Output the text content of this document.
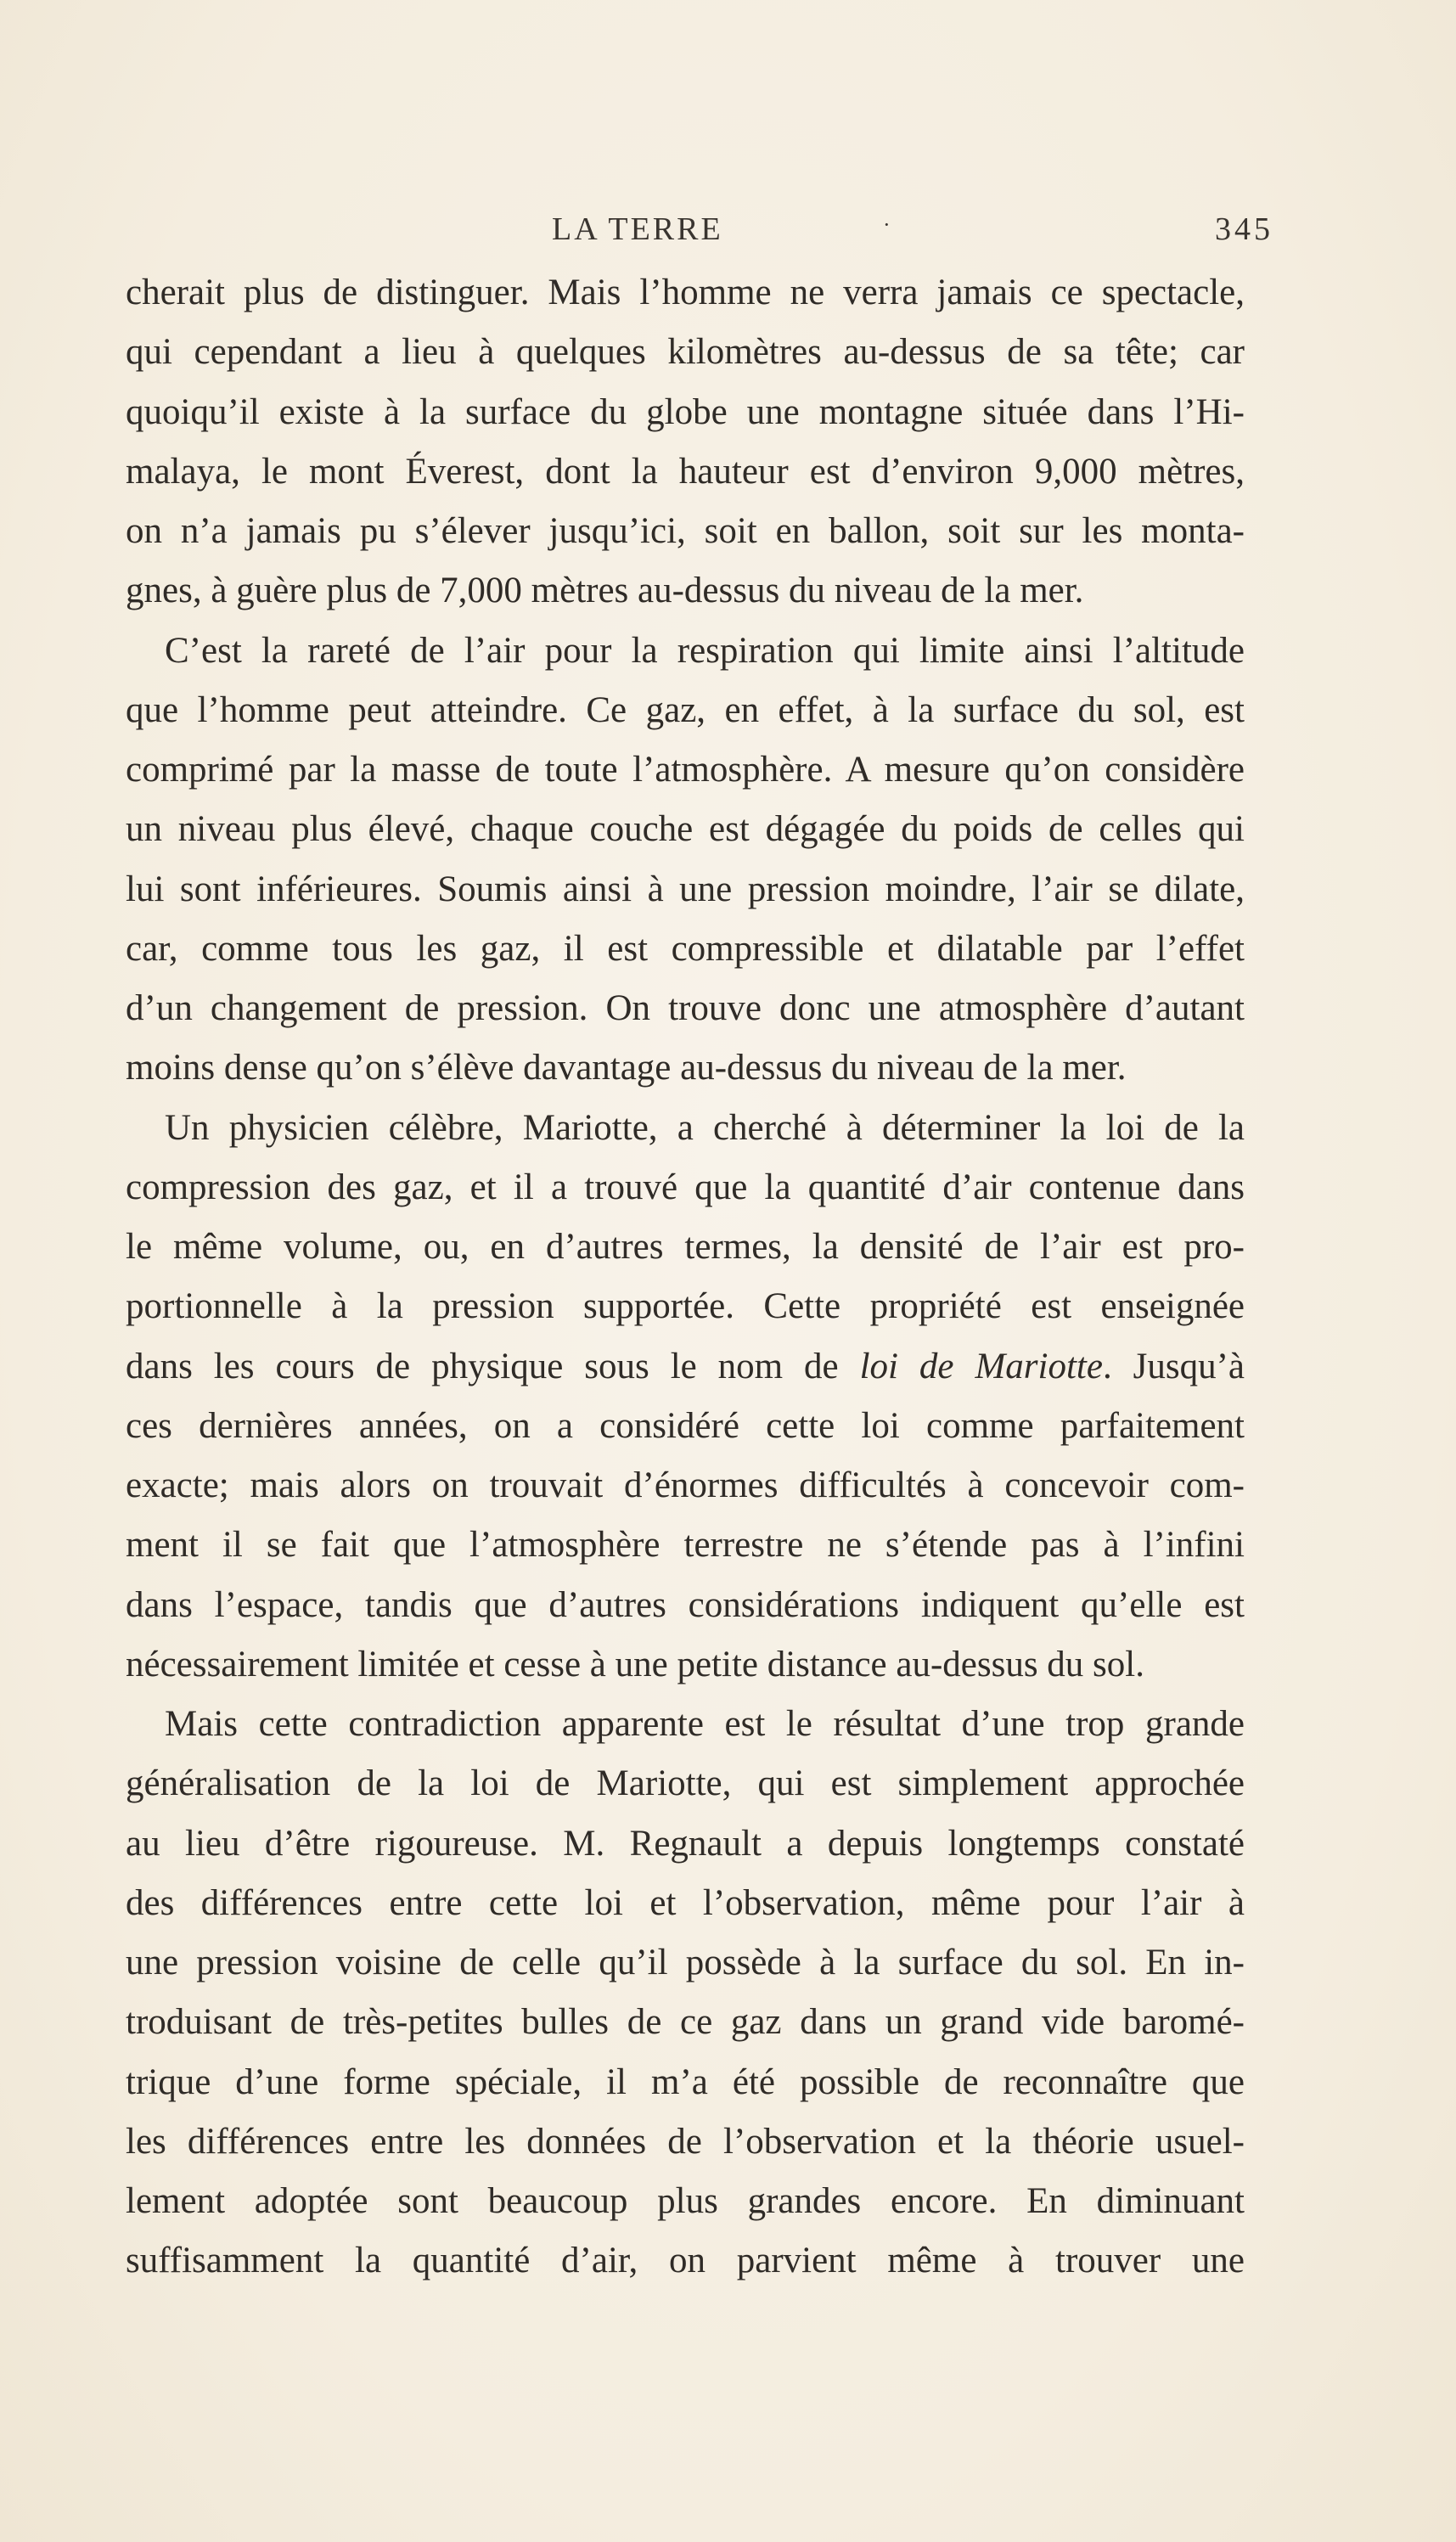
LA TERRE	·	345
cherait plus de distinguer. Mais l’homme ne verra jamais ce spectacle,
qui cependant a lieu à quelques kilomètres au-dessus de sa tête; car
quoiqu’il existe à la surface du globe une montagne située dans l’Hi-
malaya, le mont Éverest, dont la hauteur est d’environ 9,000 mètres,
on n’a jamais pu s’élever jusqu’ici, soit en ballon, soit sur les monta-
gnes, à guère plus de 7,000 mètres au-dessus du niveau de la mer.
C’est la rareté de l’air pour la respiration qui limite ainsi l’altitude
que l’homme peut atteindre. Ce gaz, en effet, à la surface du sol, est
comprimé par la masse de toute l’atmosphère. A mesure qu’on considère
un niveau plus élevé, chaque couche est dégagée du poids de celles qui
lui sont inférieures. Soumis ainsi à une pression moindre, l’air se dilate,
car, comme tous les gaz, il est compressible et dilatable par l’effet
d’un changement de pression. On trouve donc une atmosphère d’autant
moins dense qu’on s’élève davantage au-dessus du niveau de la mer.
Un physicien célèbre, Mariotte, a cherché à déterminer la loi de la
compression des gaz, et il a trouvé que la quantité d’air contenue dans
le même volume, ou, en d’autres termes, la densité de l’air est pro-
portionnelle à la pression supportée. Cette propriété est enseignée
dans les cours de physique sous le nom de loi de Mariotte. Jusqu’à
ces dernières années, on a considéré cette loi comme parfaitement
exacte; mais alors on trouvait d’énormes difficultés à concevoir com-
ment il se fait que l’atmosphère terrestre ne s’étende pas à l’infini
dans l’espace, tandis que d’autres considérations indiquent qu’elle est
nécessairement limitée et cesse à une petite distance au-dessus du sol.
Mais cette contradiction apparente est le résultat d’une trop grande
généralisation de la loi de Mariotte, qui est simplement approchée
au lieu d’être rigoureuse. M. Regnault a depuis longtemps constaté
des différences entre cette loi et l’observation, même pour l’air à
une pression voisine de celle qu’il possède à la surface du sol. En in-
troduisant de très-petites bulles de ce gaz dans un grand vide baromé-
trique d’une forme spéciale, il m’a été possible de reconnaître que
les différences entre les données de l’observation et la théorie usuel-
lement adoptée sont beaucoup plus grandes encore. En diminuant
suffisamment la quantité d’air, on parvient même à trouver une
